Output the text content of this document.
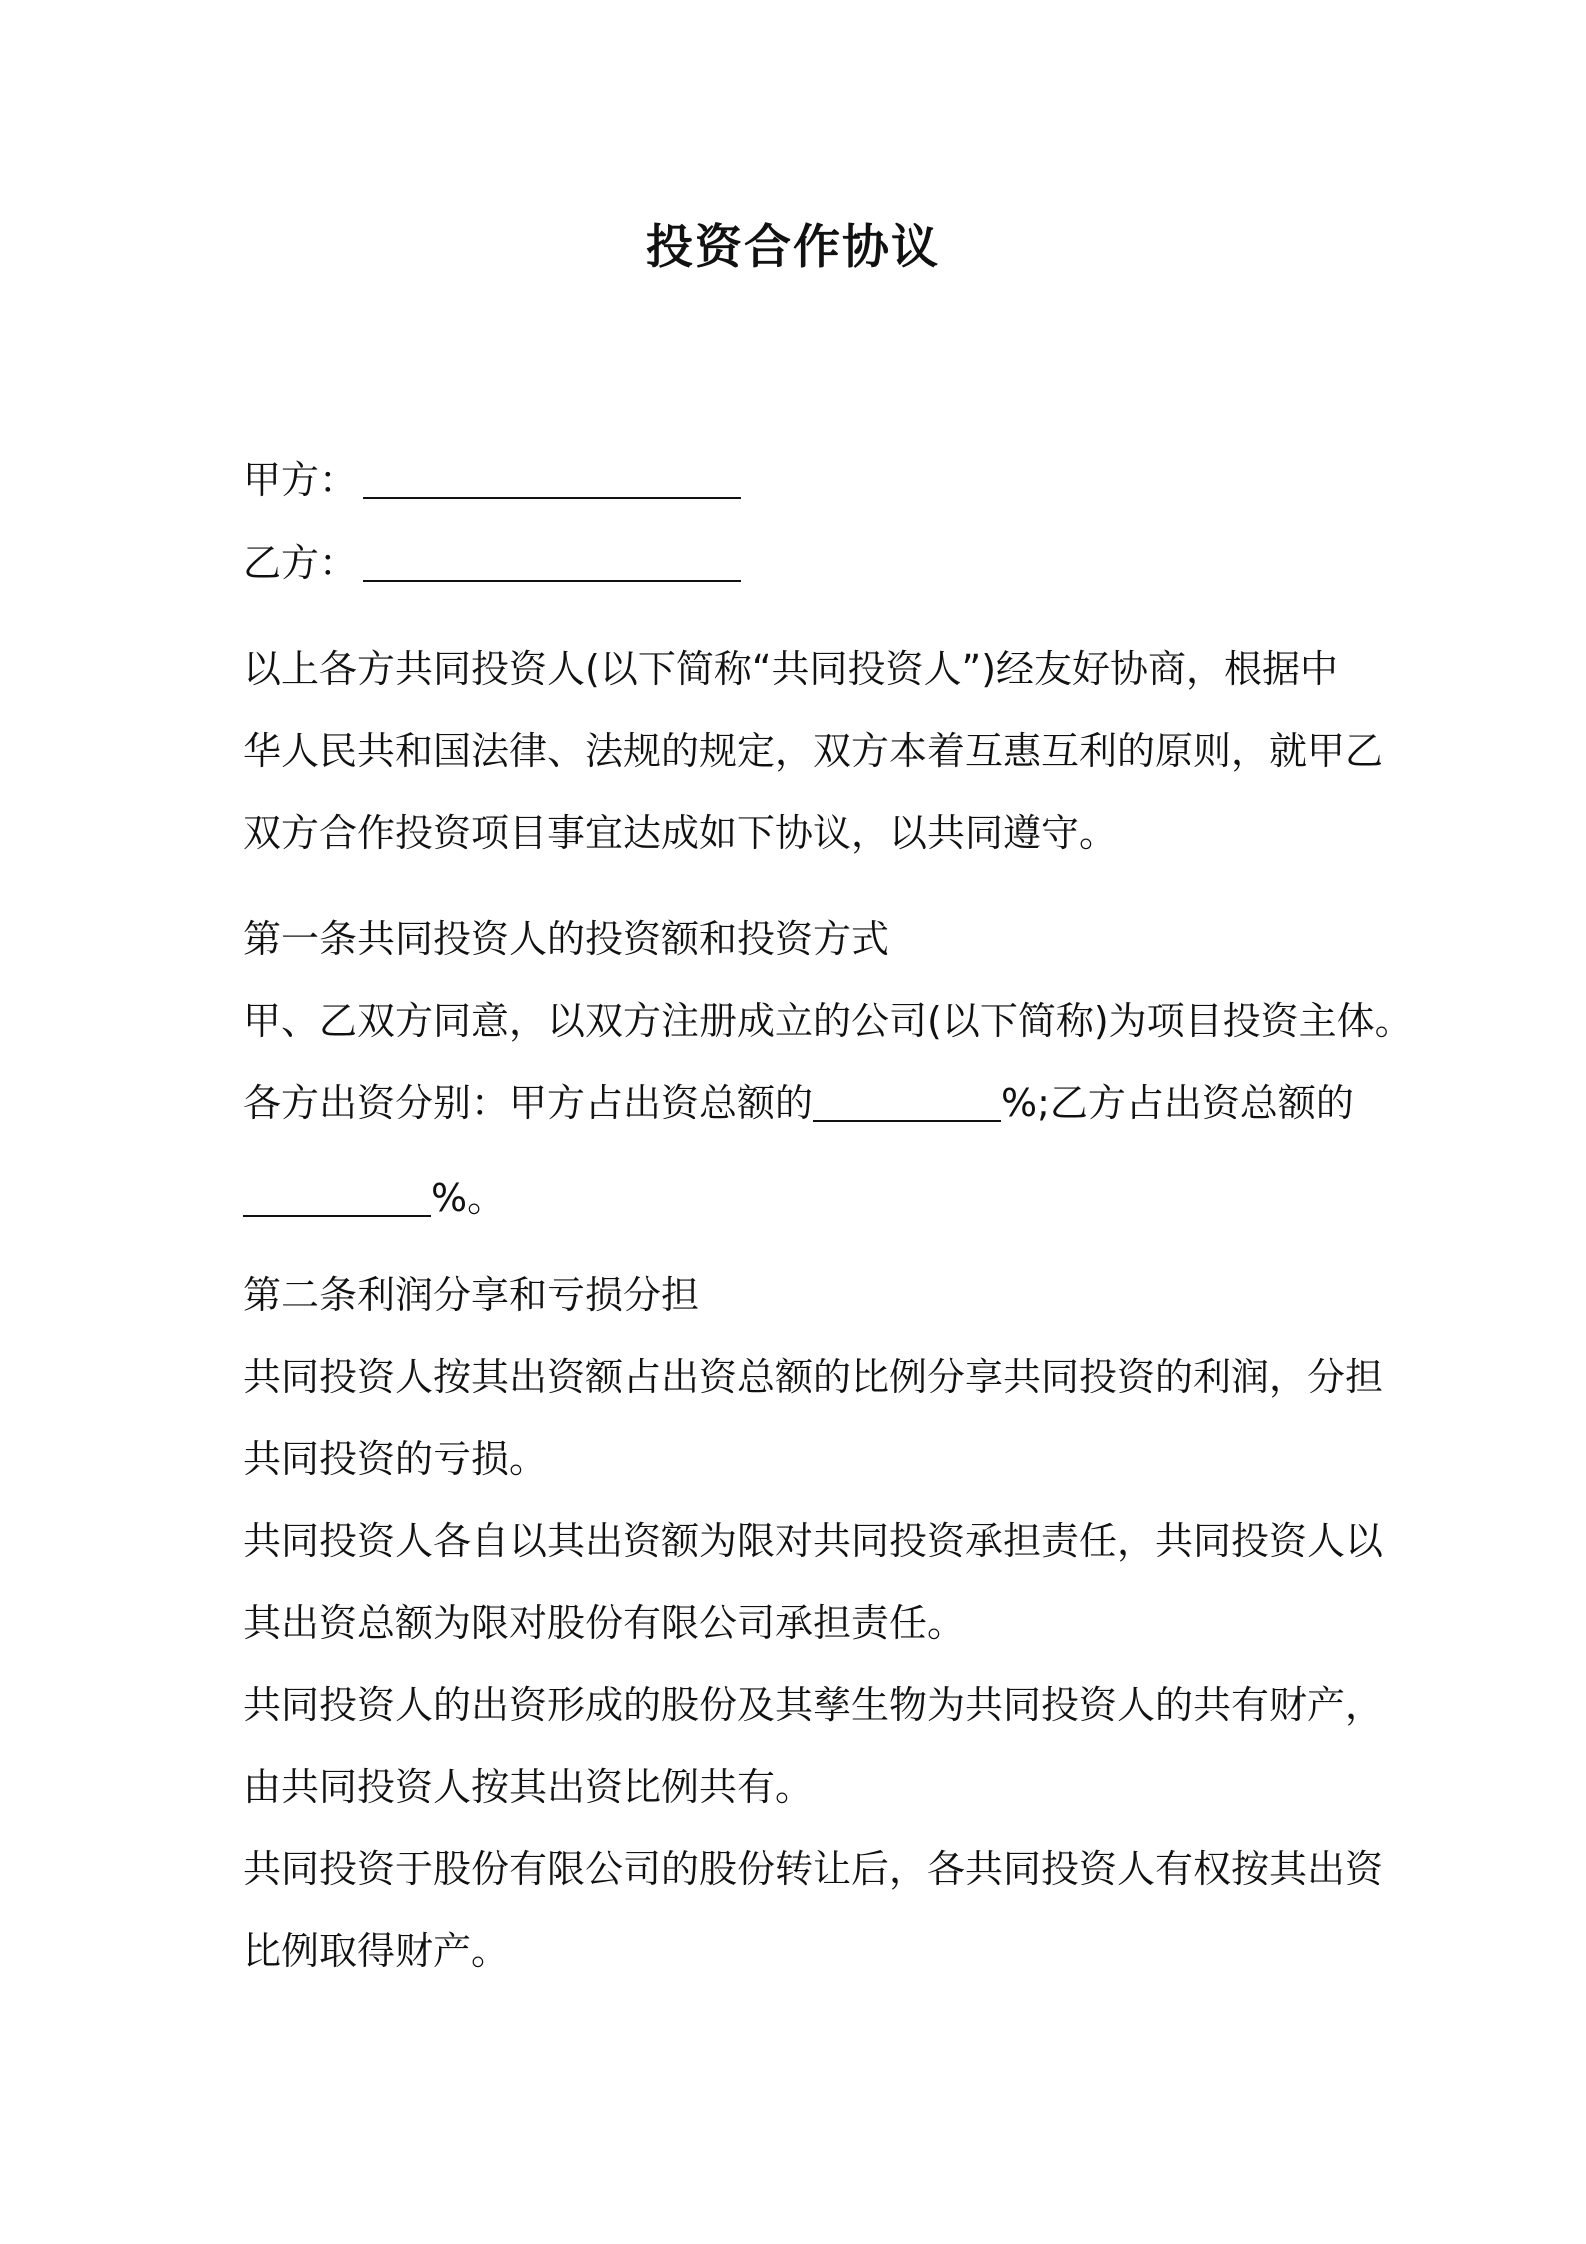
投资合作协议
甲方：
乙方：
以上各方共同投资人(以下简称“共同投资人”)经友好协商，根据中
华人民共和国法律、法规的规定，双方本着互惠互利的原则，就甲乙
双方合作投资项目事宜达成如下协议，以共同遵守。
第一条共同投资人的投资额和投资方式
甲、乙双方同意，以双方注册成立的公司(以下简称)为项目投资主体。
各方出资分别：甲方占出资总额的	%;乙方占出资总额的
%。
第二条利润分享和亏损分担
共同投资人按其出资额占出资总额的比例分享共同投资的利润，分担
共同投资的亏损。
共同投资人各自以其出资额为限对共同投资承担责任，共同投资人以
其出资总额为限对股份有限公司承担责任。
共同投资人的出资形成的股份及其孳生物为共同投资人的共有财产，
由共同投资人按其出资比例共有。
共同投资于股份有限公司的股份转让后，各共同投资人有权按其出资
比例取得财产。
